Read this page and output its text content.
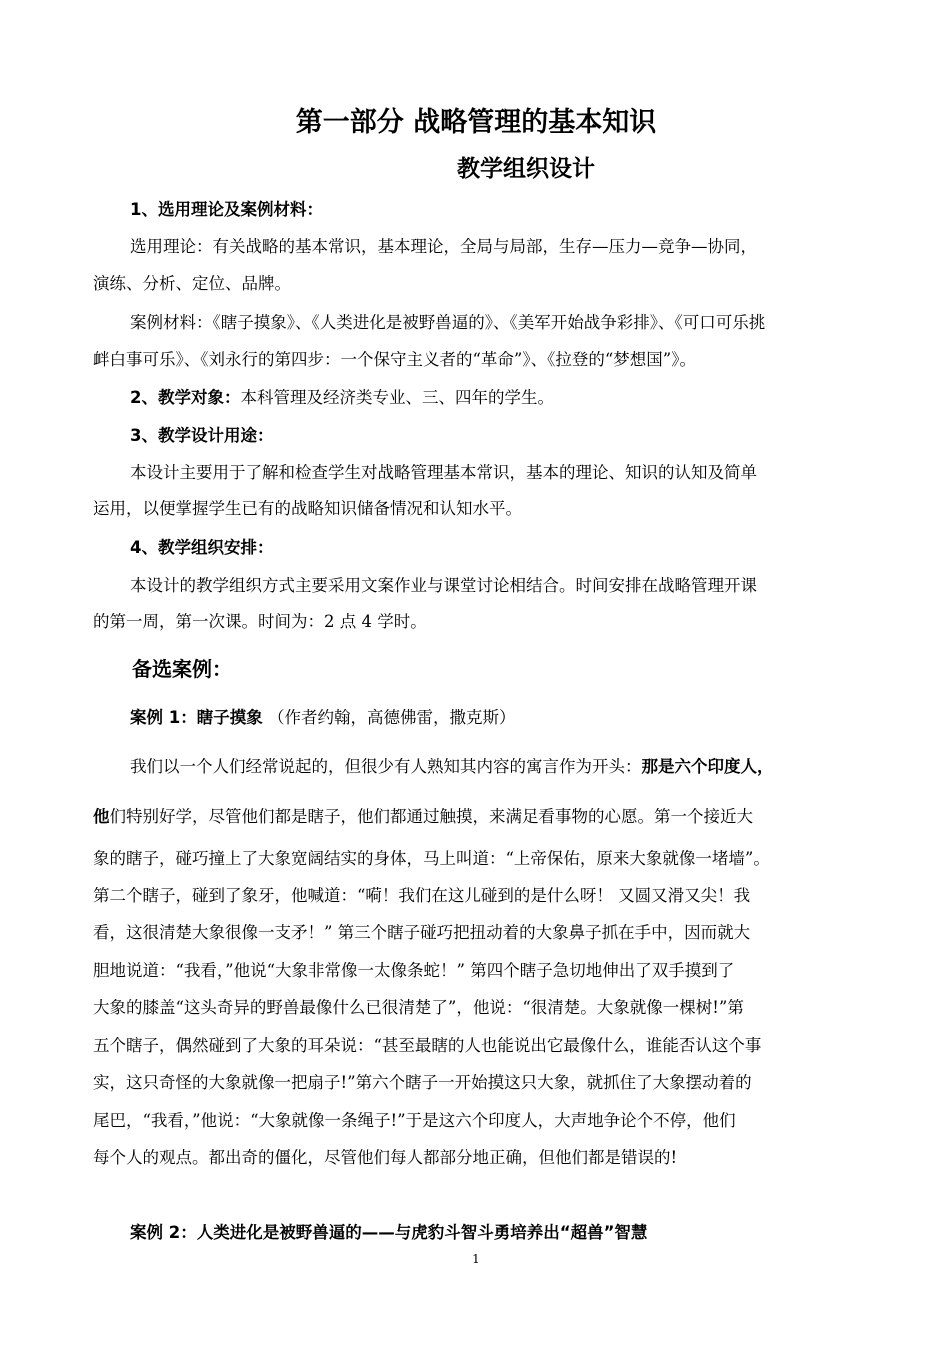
第一部分 战略管理的基本知识
教学组织设计
1、选用理论及案例材料：
选用理论：有关战略的基本常识，基本理论，全局与局部，生存—压力—竞争—协同，
演练、分析、定位、品牌。
案例材料：《瞎子摸象》、《人类进化是被野兽逼的》、《美军开始战争彩排》、《可口可乐挑
衅白事可乐》、《刘永行的第四步：一个保守主义者的“革命”》、《拉登的“梦想国”》。
2、教学对象：本科管理及经济类专业、三、四年的学生。
3、教学设计用途：
本设计主要用于了解和检查学生对战略管理基本常识，基本的理论、知识的认知及简单
运用，以便掌握学生已有的战略知识储备情况和认知水平。
4、教学组织安排：
本设计的教学组织方式主要采用文案作业与课堂讨论相结合。时间安排在战略管理开课
的第一周，第一次课。时间为：2 点 4 学时。
备选案例：
案例 1：瞎子摸象 （作者约翰，高德佛雷，撒克斯）
我们以一个人们经常说起的，但很少有人熟知其内容的寓言作为开头：那是六个印度人，
他们特别好学，尽管他们都是瞎子，他们都通过触摸，来满足看事物的心愿。第一个接近大
象的瞎子，碰巧撞上了大象宽阔结实的身体，马上叫道：“上帝保佑，原来大象就像一堵墙”。
第二个瞎子，碰到了象牙，他喊道：“嗬！我们在这儿碰到的是什么呀！ 又圆又滑又尖！我
看，这很清楚大象很像一支矛！” 第三个瞎子碰巧把扭动着的大象鼻子抓在手中，因而就大
胆地说道：“我看，”他说“大象非常像一太像条蛇！” 第四个瞎子急切地伸出了双手摸到了
大象的膝盖“这头奇异的野兽最像什么已很清楚了”，他说：“很清楚。大象就像一棵树!”第
五个瞎子，偶然碰到了大象的耳朵说：“甚至最瞎的人也能说出它最像什么，谁能否认这个事
实，这只奇怪的大象就像一把扇子!”第六个瞎子一开始摸这只大象，就抓住了大象摆动着的
尾巴，“我看，”他说：“大象就像一条绳子!”于是这六个印度人，大声地争论个不停，他们
每个人的观点。都出奇的僵化，尽管他们每人都部分地正确，但他们都是错误的!
案例 2：人类进化是被野兽逼的——与虎豹斗智斗勇培养出“超兽”智慧
1
